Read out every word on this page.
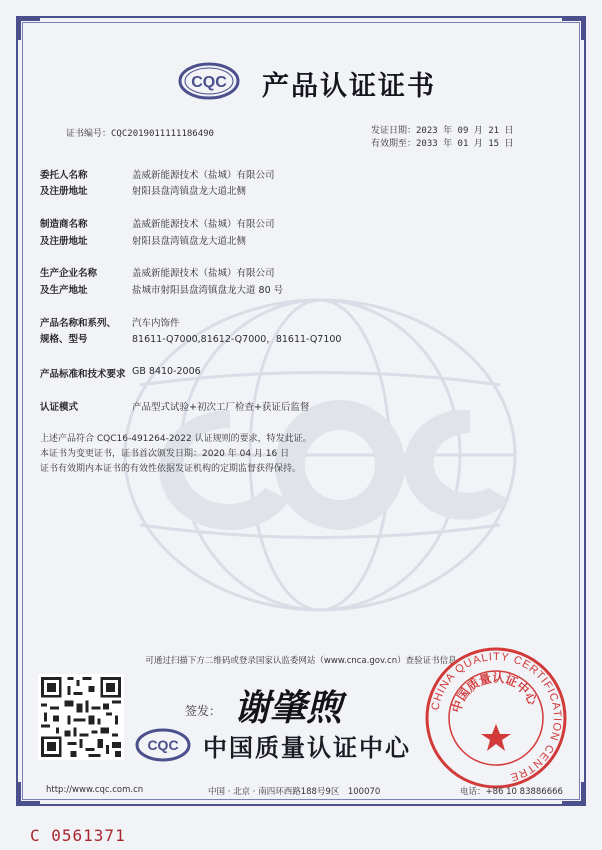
CQC 产品认证证书
证书编号：CQC2019011111186490	发证日期：2023 年 09 月 21 日
有效期至：2033 年 01 月 15 日
委托人名称	盖威新能源技术（盐城）有限公司
及注册地址	射阳县盘湾镇盘龙大道北侧
制造商名称	盖威新能源技术（盐城）有限公司
及注册地址	射阳县盘湾镇盘龙大道北侧
生产企业名称	盖威新能源技术（盐城）有限公司
及生产地址	盐城市射阳县盘湾镇盘龙大道 80 号
产品名称和系列、	汽车内饰件
规格、型号	81611-Q7000,81612-Q7000，81611-Q7100
产品标准和技术要求 GB 8410-2006
认证模式	产品型式试验+初次工厂检查+获证后监督
上述产品符合 CQC16-491264-2022 认证规则的要求，特发此证。
本证书为变更证书，证书首次颁发日期：2020 年 04 月 16 日
证书有效期内本证书的有效性依据发证机构的定期监督获得保持。
可通过扫描下方二维码或登录国家认监委网站（www.cnca.gov.cn）查验证书信息
签发： 谢肇煦
CQC 中国质量认证中心
CHINA QUALITY CERTIFICATION CENTRE
中国质量认证中心
http://www.cqc.com.cn	中国 · 北京 · 南四环西路188号9区　100070	电话：+86 10 83886666
C 0561371
